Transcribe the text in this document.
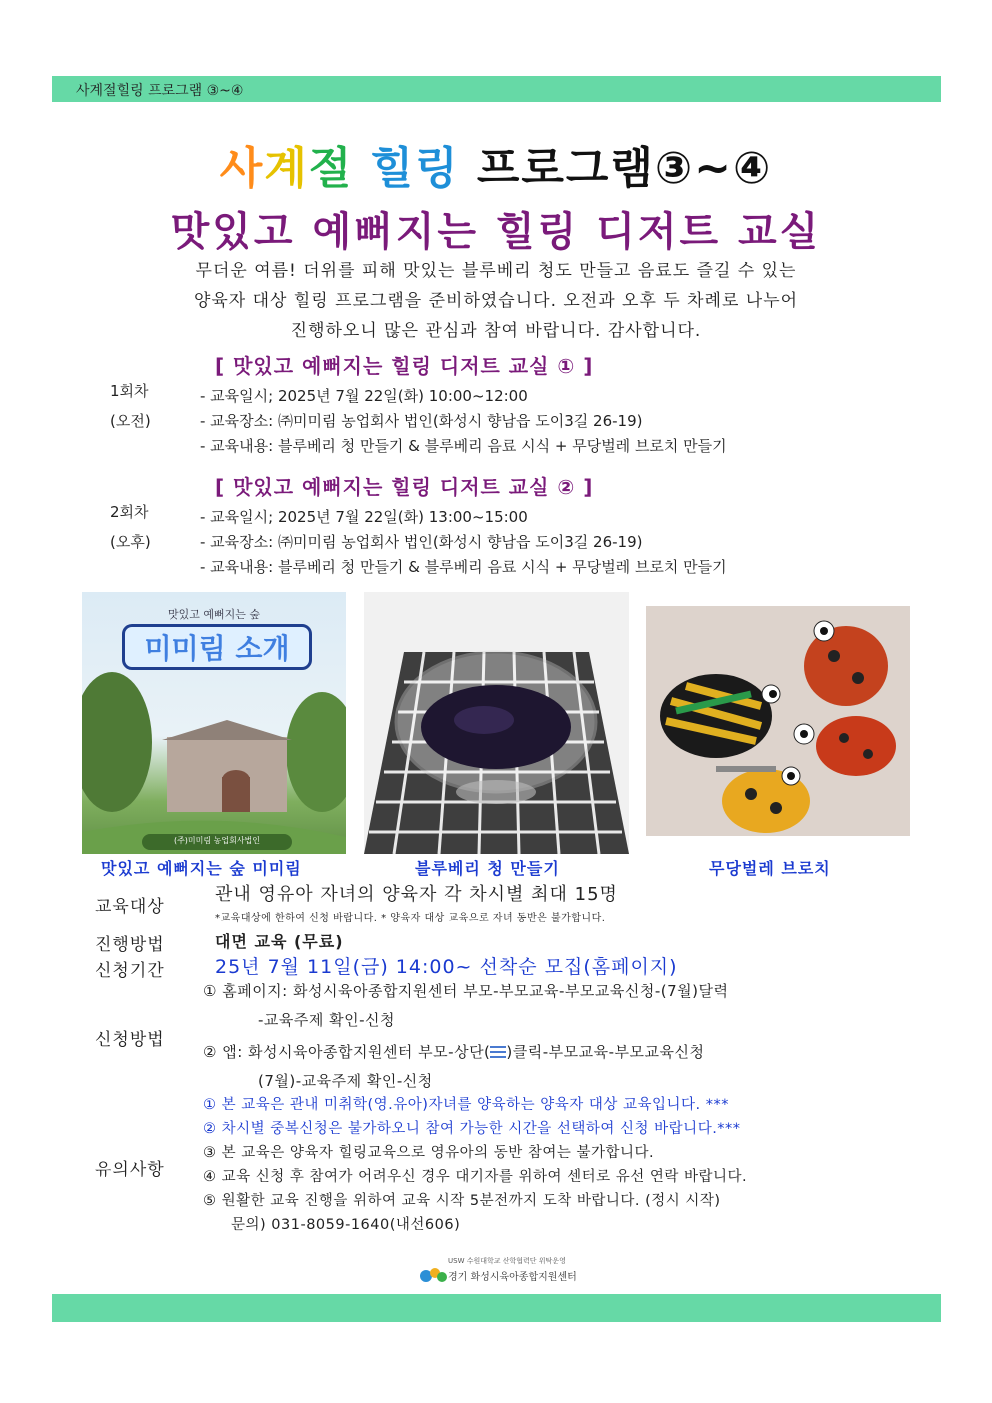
사계절힐링 프로그램 ③~④
사계절 힐링 프로그램③~④
맛있고 예뻐지는 힐링 디저트 교실
무더운 여름! 더위를 피해 맛있는 블루베리 청도 만들고 음료도 즐길 수 있는
양육자 대상 힐링 프로그램을 준비하였습니다. 오전과 오후 두 차례로 나누어
진행하오니 많은 관심과 참여 바랍니다. 감사합니다.
[ 맛있고 예뻐지는 힐링 디저트 교실 ① ]
1회차
(오전)
- 교육일시; 2025년 7월 22일(화) 10:00~12:00
- 교육장소: ㈜미미림 농업회사 법인(화성시 향남읍 도이3길 26-19)
- 교육내용: 블루베리 청 만들기 & 블루베리 음료 시식 + 무당벌레 브로치 만들기
[ 맛있고 예뻐지는 힐링 디저트 교실 ② ]
2회차
(오후)
- 교육일시; 2025년 7월 22일(화) 13:00~15:00
- 교육장소: ㈜미미림 농업회사 법인(화성시 향남읍 도이3길 26-19)
- 교육내용: 블루베리 청 만들기 & 블루베리 음료 시식 + 무당벌레 브로치 만들기
맛있고 예뻐지는 숲
미미림 소개
(주)미미림 농업회사법인
맛있고 예뻐지는 숲 미미림	블루베리 청 만들기	무당벌레 브로치
교육대상
관내 영유아 자녀의 양육자 각 차시별 최대 15명
*교육대상에 한하여 신청 바랍니다. * 양육자 대상 교육으로 자녀 동반은 불가합니다.
진행방법	대면 교육 (무료)
신청기간	25년 7월 11일(금) 14:00~ 선착순 모집(홈페이지)
신청방법
① 홈페이지: 화성시육아종합지원센터 부모-부모교육-부모교육신청-(7월)달력
-교육주제 확인-신청
② 앱: 화성시육아종합지원센터 부모-상단( )클릭-부모교육-부모교육신청
(7월)-교육주제 확인-신청
유의사항
① 본 교육은 관내 미취학(영.유아)자녀를 양육하는 양육자 대상 교육입니다. ***
② 차시별 중복신청은 불가하오니 참여 가능한 시간을 선택하여 신청 바랍니다.***
③ 본 교육은 양육자 힐링교육으로 영유아의 동반 참여는 불가합니다.
④ 교육 신청 후 참여가 어려우신 경우 대기자를 위하여 센터로 유선 연락 바랍니다.
⑤ 원활한 교육 진행을 위하여 교육 시작 5분전까지 도착 바랍니다. (정시 시작)
문의) 031-8059-1640(내선606)
USW 수원대학교 산학협력단 위탁운영
경기 화성시육아종합지원센터
